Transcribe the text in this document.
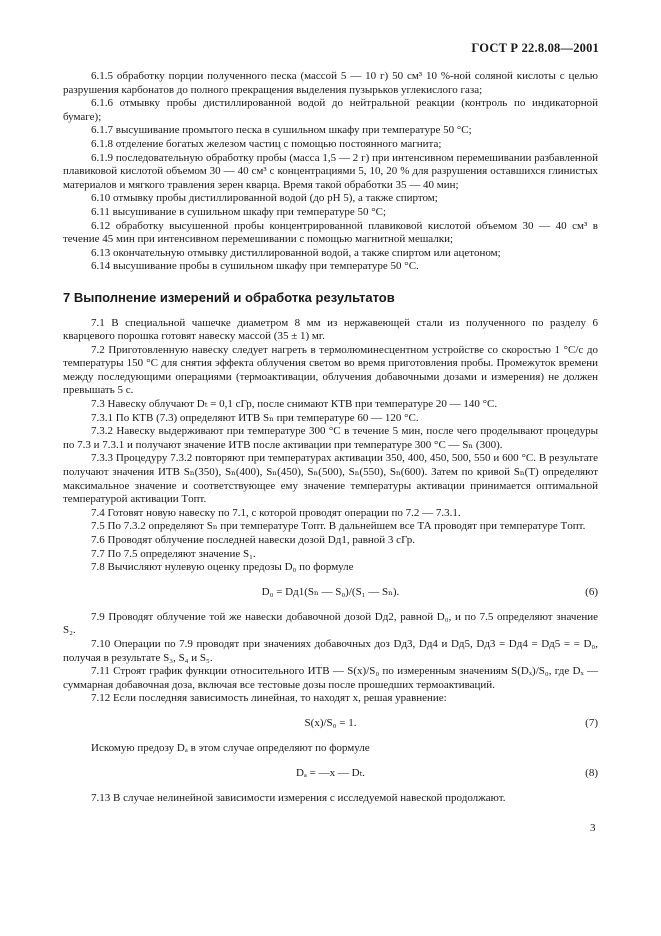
ГОСТ Р 22.8.08—2001

6.1.5 обработку порции полученного песка (массой 5 — 10 г) 50 см³ 10 %-ной соляной кислоты с целью разрушения карбонатов до полного прекращения выделения пузырьков углекислого газа;

6.1.6 отмывку пробы дистиллированной водой до нейтральной реакции (контроль по индикаторной бумаге);

6.1.7 высушивание промытого песка в сушильном шкафу при температуре 50 °С;

6.1.8 отделение богатых железом частиц с помощью постоянного магнита;

6.1.9 последовательную обработку пробы (масса 1,5 — 2 г) при интенсивном перемешивании разбавленной плавиковой кислотой объемом 30 — 40 см³ с концентрациями 5, 10, 20 % для разрушения оставшихся глинистых материалов и мягкого травления зерен кварца. Время такой обработки 35 — 40 мин;

6.10 отмывку пробы дистиллированной водой (до pH 5), а также спиртом;

6.11 высушивание в сушильном шкафу при температуре 50 °С;

6.12 обработку высушенной пробы концентрированной плавиковой кислотой объемом 30 — 40 см³ в течение 45 мин при интенсивном перемешивании с помощью магнитной мешалки;

6.13 окончательную отмывку дистиллированной водой, а также спиртом или ацетоном;

6.14 высушивание пробы в сушильном шкафу при температуре 50 °С.

7 Выполнение измерений и обработка результатов

7.1 В специальной чашечке диаметром 8 мм из нержавеющей стали из полученного по разделу 6 кварцевого порошка готовят навеску массой (35 ± 1) мг.

7.2 Приготовленную навеску следует нагреть в термолюминесцентном устройстве со скоростью 1 °С/с до температуры 150 °С для снятия эффекта облучения светом во время приготовления пробы. Промежуток времени между последующими операциями (термоактивации, облучения добавочными дозами и измерения) не должен превышать 5 с.

7.3 Навеску облучают Dₜ = 0,1 сГр, после снимают КТВ при температуре 20 — 140 °С.

7.3.1 По КТВ (7.3) определяют ИТВ Sₙ при температуре 60 — 120 °С.

7.3.2 Навеску выдерживают при температуре 300 °С в течение 5 мин, после чего проделывают процедуры по 7.3 и 7.3.1 и получают значение ИТВ после активации при температуре 300 °С — Sₙ (300).

7.3.3 Процедуру 7.3.2 повторяют при температурах активации 350, 400, 450, 500, 550 и 600 °С. В результате получают значения ИТВ Sₙ(350), Sₙ(400), Sₙ(450), Sₙ(500), Sₙ(550), Sₙ(600). Затем по кривой Sₙ(T) определяют максимальное значение и соответствующее ему значение температуры активации принимается оптимальной температурой активации Tопт.

7.4 Готовят новую навеску по 7.1, с которой проводят операции по 7.2 — 7.3.1.

7.5 По 7.3.2 определяют Sₙ при температуре Tопт. В дальнейшем все ТА проводят при температуре Tопт.

7.6 Проводят облучение последней навески дозой Dд1, равной 3 сГр.

7.7 По 7.5 определяют значение S₁.

7.8 Вычисляют нулевую оценку предозы D₀ по формуле

D₀ = Dд1(Sₙ — S₀)/(S₁ — Sₙ).	(6)

7.9 Проводят облучение той же навески добавочной дозой Dд2, равной D₀, и по 7.5 определяют значение S₂.

7.10 Операции по 7.9 проводят при значениях добавочных доз Dд3, Dд4 и Dд5, Dд3 = Dд4 = Dд5 = = D₀, получая в результате S₃, S₄ и S₅.

7.11 Строят график функции относительного ИТВ — S(x)/S₀ по измеренным значениям S(Dₓ)/S₀, где Dₓ — суммарная добавочная доза, включая все тестовые дозы после прошедших термоактиваций.

7.12 Если последняя зависимость линейная, то находят x, решая уравнение:

S(x)/S₀ = 1.	(7)

Искомую предозу Dₐ в этом случае определяют по формуле

Dₐ = —x — Dₜ.	(8)

7.13 В случае нелинейной зависимости измерения с исследуемой навеской продолжают.

3
